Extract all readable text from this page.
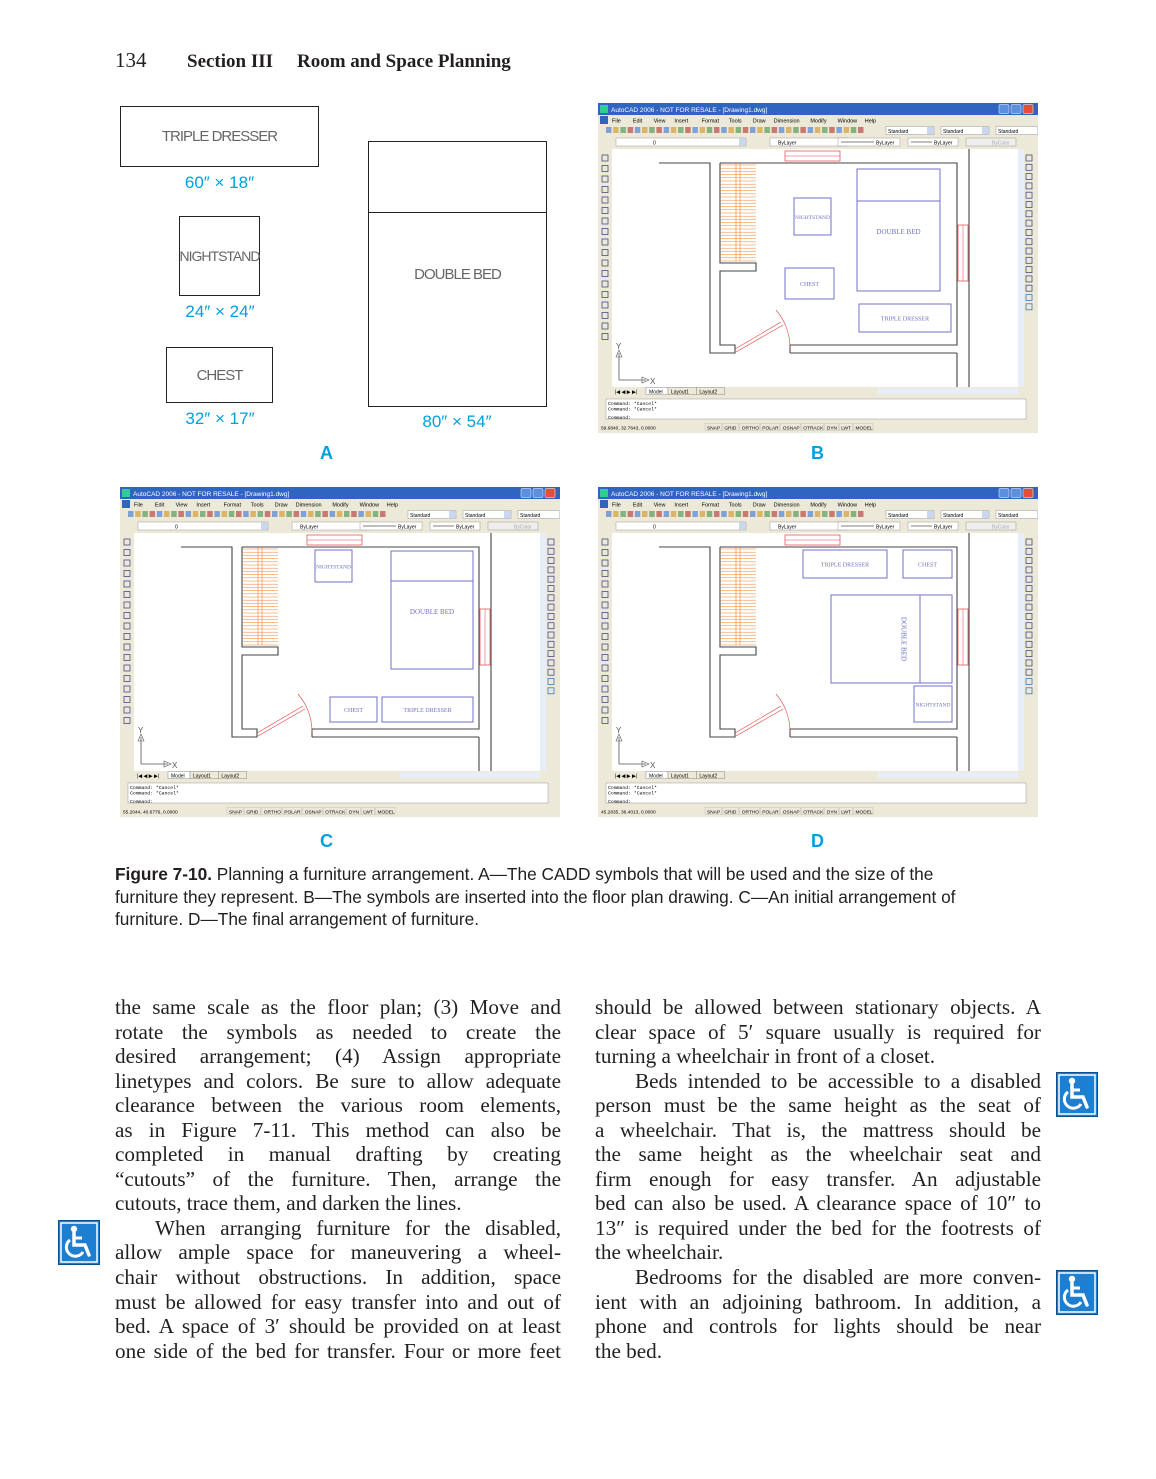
134 Section III Room and Space Planning
TRIPLE DRESSER
60″ × 18″
NIGHTSTAND
24″ × 24″
CHEST
32″ × 17″
DOUBLE BED
80″ × 54″
A	B
C	D
AutoCAD 2006 - NOT FOR RESALE - [Drawing1.dwg]
File Edit View Insert Format Tools Draw Dimension Modify Window Help
Standard	Standard	Standard
0	ByLayer	ByLayer	ByLayer	ByColor
NIGHTSTAND
CHEST
TRIPLE DRESSER
DOUBLE BED
Y
X
|◀ ◀ ▶ ▶| Model Layout1 Layout2
Command: *Cancel*
Command: *Cancel*
Command:
59.6840, 32.7643, 0.0000	SNAP GRID ORTHO POLAR OSNAP OTRACK DYN LWT MODEL
AutoCAD 2006 - NOT FOR RESALE - [Drawing1.dwg]
File Edit View Insert Format Tools Draw Dimension Modify Window Help
Standard	Standard	Standard
0	ByLayer	ByLayer	ByLayer	ByColor
NIGHTSTAND
CHEST	TRIPLE DRESSER
DOUBLE BED
Y
X
|◀ ◀ ▶ ▶| Model Layout1 Layout2
Command: *Cancel*
Command: *Cancel*
Command:
55.2044, 40.6776, 0.0000	SNAP GRID ORTHO POLAR OSNAP OTRACK DYN LWT MODEL
AutoCAD 2006 - NOT FOR RESALE - [Drawing1.dwg]
File Edit View Insert Format Tools Draw Dimension Modify Window Help
Standard	Standard	Standard
0	ByLayer	ByLayer	ByLayer	ByColor
NIGHTSTAND
CHEST
TRIPLE DRESSER
DOUBLE BED
Y
X
|◀ ◀ ▶ ▶| Model Layout1 Layout2
Command: *Cancel*
Command: *Cancel*
Command:
45.2835, 36.4013, 0.0000	SNAP GRID ORTHO POLAR OSNAP OTRACK DYN LWT MODEL
Figure 7-10. Planning a furniture arrangement. A—The CADD symbols that will be used and the size of the
furniture they represent. B—The symbols are inserted into the floor plan drawing. C—An initial arrangement of
furniture. D—The final arrangement of furniture.
the same scale as the floor plan; (3) Move and
rotate the symbols as needed to create the
desired arrangement; (4) Assign appropriate
linetypes and colors. Be sure to allow adequate
clearance between the various room elements,
as in Figure 7-11. This method can also be
completed in manual drafting by creating
“cutouts” of the furniture. Then, arrange the
cutouts, trace them, and darken the lines.
When arranging furniture for the disabled,
allow ample space for maneuvering a wheel-
chair without obstructions. In addition, space
must be allowed for easy transfer into and out of
bed. A space of 3′ should be provided on at least
one side of the bed for transfer. Four or more feet
should be allowed between stationary objects. A
clear space of 5′ square usually is required for
turning a wheelchair in front of a closet.
Beds intended to be accessible to a disabled
person must be the same height as the seat of
a wheelchair. That is, the mattress should be
the same height as the wheelchair seat and
firm enough for easy transfer. An adjustable
bed can also be used. A clearance space of 10″ to
13″ is required under the bed for the footrests of
the wheelchair.
Bedrooms for the disabled are more conven-
ient with an adjoining bathroom. In addition, a
phone and controls for lights should be near
the bed.
